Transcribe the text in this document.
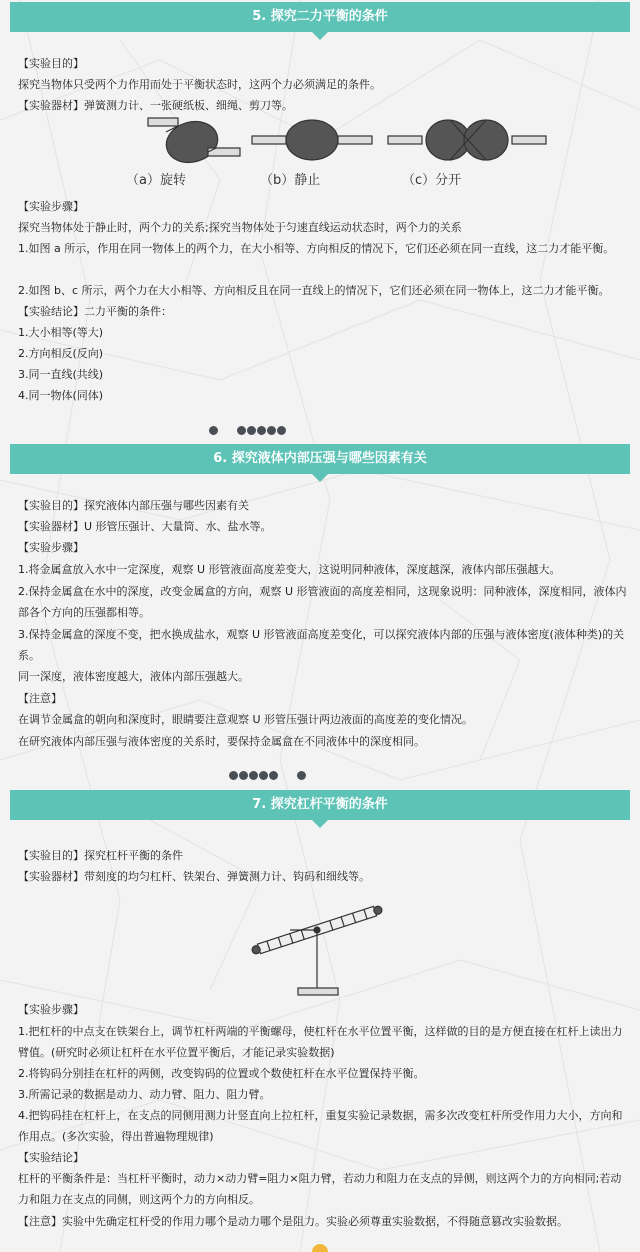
5. 探究二力平衡的条件
【实验目的】
探究当物体只受两个力作用而处于平衡状态时，这两个力必须满足的条件。
【实验器材】弹簧测力计、一张硬纸板、细绳、剪刀等。
（a）旋转	（b）静止	（c）分开
【实验步骤】
探究当物体处于静止时，两个力的关系;探究当物体处于匀速直线运动状态时，两个力的关系
1.如图 a 所示，作用在同一物体上的两个力，在大小相等、方向相反的情况下，它们还必须在同一直线，这二力才能平衡。
2.如图 b、c 所示，两个力在大小相等、方向相反且在同一直线上的情况下，它们还必须在同一物体上，这二力才能平衡。
【实验结论】二力平衡的条件：
1.大小相等(等大)
2.方向相反(反向)
3.同一直线(共线)
4.同一物体(同体)
6. 探究液体内部压强与哪些因素有关
【实验目的】探究液体内部压强与哪些因素有关
【实验器材】U 形管压强计、大量筒、水、盐水等。
【实验步骤】
1.将金属盒放入水中一定深度，观察 U 形管液面高度差变大，这说明同种液体，深度越深，液体内部压强越大。
2.保持金属盒在水中的深度，改变金属盒的方向，观察 U 形管液面的高度差相同，这现象说明：同种液体，深度相同，液体内部各个方向的压强都相等。
3.保持金属盒的深度不变，把水换成盐水，观察 U 形管液面高度差变化，可以探究液体内部的压强与液体密度(液体种类)的关系。
同一深度，液体密度越大，液体内部压强越大。
【注意】
在调节金属盒的朝向和深度时，眼睛要注意观察 U 形管压强计两边液面的高度差的变化情况。
在研究液体内部压强与液体密度的关系时，要保持金属盒在不同液体中的深度相同。
7. 探究杠杆平衡的条件
【实验目的】探究杠杆平衡的条件
【实验器材】带刻度的均匀杠杆、铁架台、弹簧测力计、钩码和细线等。
【实验步骤】
1.把杠杆的中点支在铁架台上，调节杠杆两端的平衡螺母，使杠杆在水平位置平衡，这样做的目的是方便直接在杠杆上读出力臂值。(研究时必须让杠杆在水平位置平衡后，才能记录实验数据)
2.将钩码分别挂在杠杆的两侧，改变钩码的位置或个数使杠杆在水平位置保持平衡。
3.所需记录的数据是动力、动力臂、阻力、阻力臂。
4.把钩码挂在杠杆上，在支点的同侧用测力计竖直向上拉杠杆，重复实验记录数据，需多次改变杠杆所受作用力大小，方向和作用点。(多次实验，得出普遍物理规律)
【实验结论】
杠杆的平衡条件是：当杠杆平衡时，动力×动力臂=阻力×阻力臂，若动力和阻力在支点的异侧，则这两个力的方向相同;若动力和阻力在支点的同侧，则这两个力的方向相反。
【注意】实验中先确定杠杆受的作用力哪个是动力哪个是阻力。实验必须尊重实验数据，不得随意篡改实验数据。
